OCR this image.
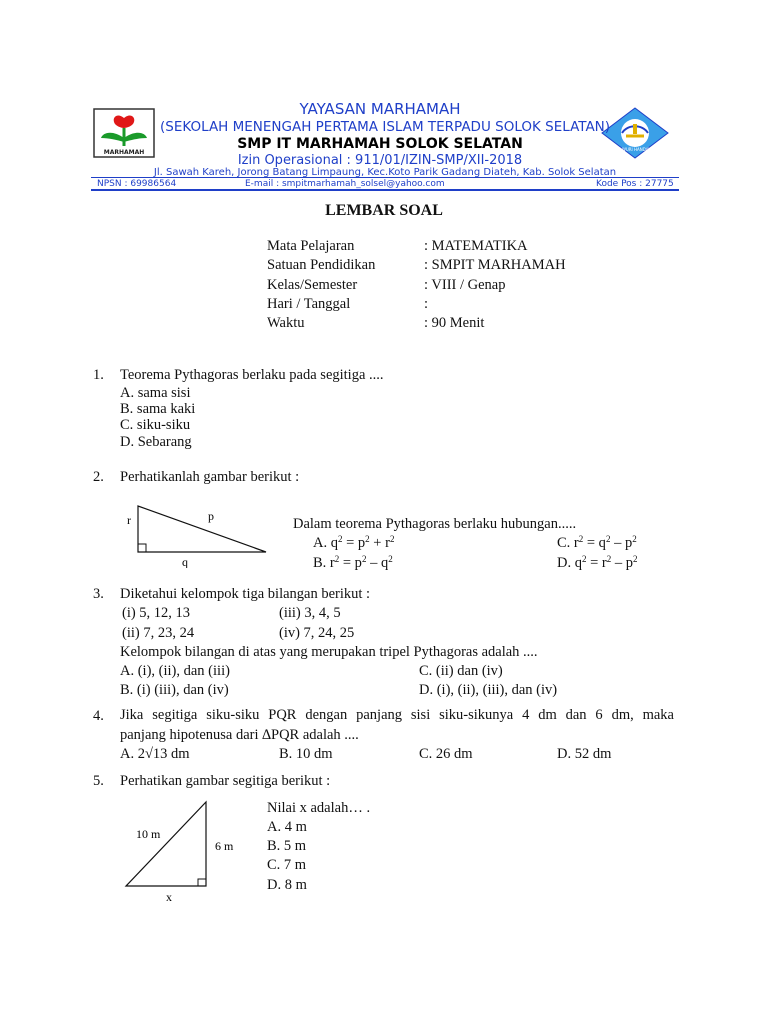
MARHAMAH	TUT WURI HANDAYANI
YAYASAN MARHAMAH
(SEKOLAH MENENGAH PERTAMA ISLAM TERPADU SOLOK SELATAN)
SMP IT MARHAMAH SOLOK SELATAN
Izin Operasional : 911/01/IZIN-SMP/XII-2018
Jl. Sawah Kareh, Jorong Batang Limpaung, Kec.Koto Parik Gadang Diateh, Kab. Solok Selatan
NPSN : 69986564	E-mail : smpitmarhamah_solsel@yahoo.com	Kode Pos : 27775
LEMBAR SOAL
Mata Pelajaran	: MATEMATIKA
Satuan Pendidikan	: SMPIT MARHAMAH
Kelas/Semester	: VIII / Genap
Hari / Tanggal	:
Waktu	: 90 Menit
1. Teorema Pythagoras berlaku pada segitiga ....
A. sama sisi
B. sama kaki
C. siku-siku
D. Sebarang
2. Perhatikanlah gambar berikut :
r	p
q
Dalam teorema Pythagoras berlaku hubungan.....
A. $q^2 = p^2 + r^2$	C. $r^2 = q^2 - p^2$
B. $r^2 = p^2 - q^2$	D. $q^2 = r^2 - p^2$
3. Diketahui kelompok tiga bilangan berikut :
(i) 5, 12, 13	(iii) 3, 4, 5
(ii) 7, 23, 24	(iv) 7, 24, 25
Kelompok bilangan di atas yang merupakan tripel Pythagoras adalah ....
A. (i), (ii), dan (iii)	C. (ii) dan (iv)
B. (i) (iii), dan (iv)	D. (i), (ii), (iii), dan (iv)
4. Jika segitiga siku-siku PQR dengan panjang sisi siku-sikunya 4 dm dan 6 dm, maka
panjang hipotenusa dari ∆PQR adalah ....
A. 2√13 dm	B. 10 dm	C. 26 dm	D. 52 dm
5. Perhatikan gambar segitiga berikut :
10 m
6 m
x
Nilai x adalah… .
A. 4 m
B. 5 m
C. 7 m
D. 8 m
